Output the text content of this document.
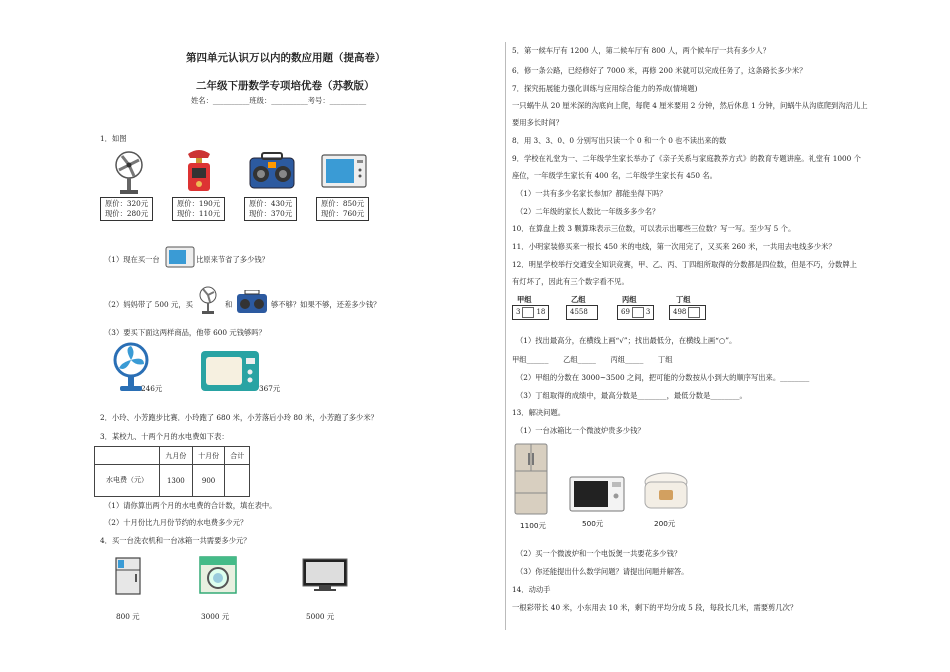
第四单元认识万以内的数应用题（提高卷）
二年级下册数学专项培优卷（苏教版）
姓名：__________班级：__________考号：__________
1．如图
原价：320元
现价：280元
原价：190元
现价：110元
原价：430元
现价：370元
原价：850元
现价：760元
（1）现在买一台	比原来节省了多少钱？
（2）妈妈带了 500 元，买	和	够不够？如果不够，还差多少钱？
（3）要买下面这两样商品，他带 600 元钱够吗？
246元	367元
2．小玲、小芳跑步比赛．小玲跑了 680 米，小芳落后小玲 80 米，小芳跑了多少米？
3．某校九、十两个月的水电费如下表：
	九月份	十月份	合计
水电费（元）	1300	900	
（1）请你算出两个月的水电费的合计数，填在表中。
（2）十月份比九月份节约的水电费多少元？
4．买一台洗衣机和一台冰箱一共需要多少元？
800 元	3000 元	5000 元
5．第一候车厅有 1200 人，第二候车厅有 800 人，两个候车厅一共有多少人？
6．修一条公路，已经修好了 7000 米，再修 200 米就可以完成任务了，这条路长多少米？
7．探究拓展能力强化训练与应用综合能力的养成(情境题)
一只蜗牛从 20 厘米深的沟底向上爬，每爬 4 厘米要用 2 分钟，然后休息 1 分钟，问蜗牛从沟底爬到沟沿儿上
要用多长时间？
8．用 3、3、0、0 分别写出只读一个 0 和一个 0 也不读出来的数
9．学校在礼堂为一、二年级学生家长举办了《亲子关系与家庭教养方式》的教育专题讲座。礼堂有 1000 个
座位，一年级学生家长有 400 名，二年级学生家长有 450 名。
（1）一共有多少名家长参加？都能坐得下吗？
（2）二年级的家长人数比一年级多多少名？
10．在算盘上拨 3 颗算珠表示三位数，可以表示出哪些三位数？写一写。至少写 5 个。
11．小明家装修买来一根长 450 米的电线，第一次用完了，又买来 260 米，一共用去电线多少米？
12．明星学校举行交通安全知识竞赛，甲、乙、丙、丁四组所取得的分数都是四位数，但是不巧，分数牌上
有灯坏了，因此有三个数字看不见。
甲组	乙组	丙组	丁组
3 18	4558	69 3	498
（1）找出最高分，在横线上画“√”；找出最低分，在横线上画“○”。
甲组______　　乙组_____　　丙组_____　　丁组
（2）甲组的分数在 3000~3500 之间，把可能的分数按从小到大的顺序写出来。________
（3）丁组取得的成绩中，最高分数是________，最低分数是________。
13．解决问题。
（1）一台冰箱比一个微波炉贵多少钱？
1100元	500元	200元
（2）买一个微波炉和一个电饭煲一共要花多少钱？
（3）你还能提出什么数学问题？请提出问题并解答。
14．动动手
一根彩带长 40 米，小东用去 10 米，剩下的平均分成 5 段，每段长几米，需要剪几次？
